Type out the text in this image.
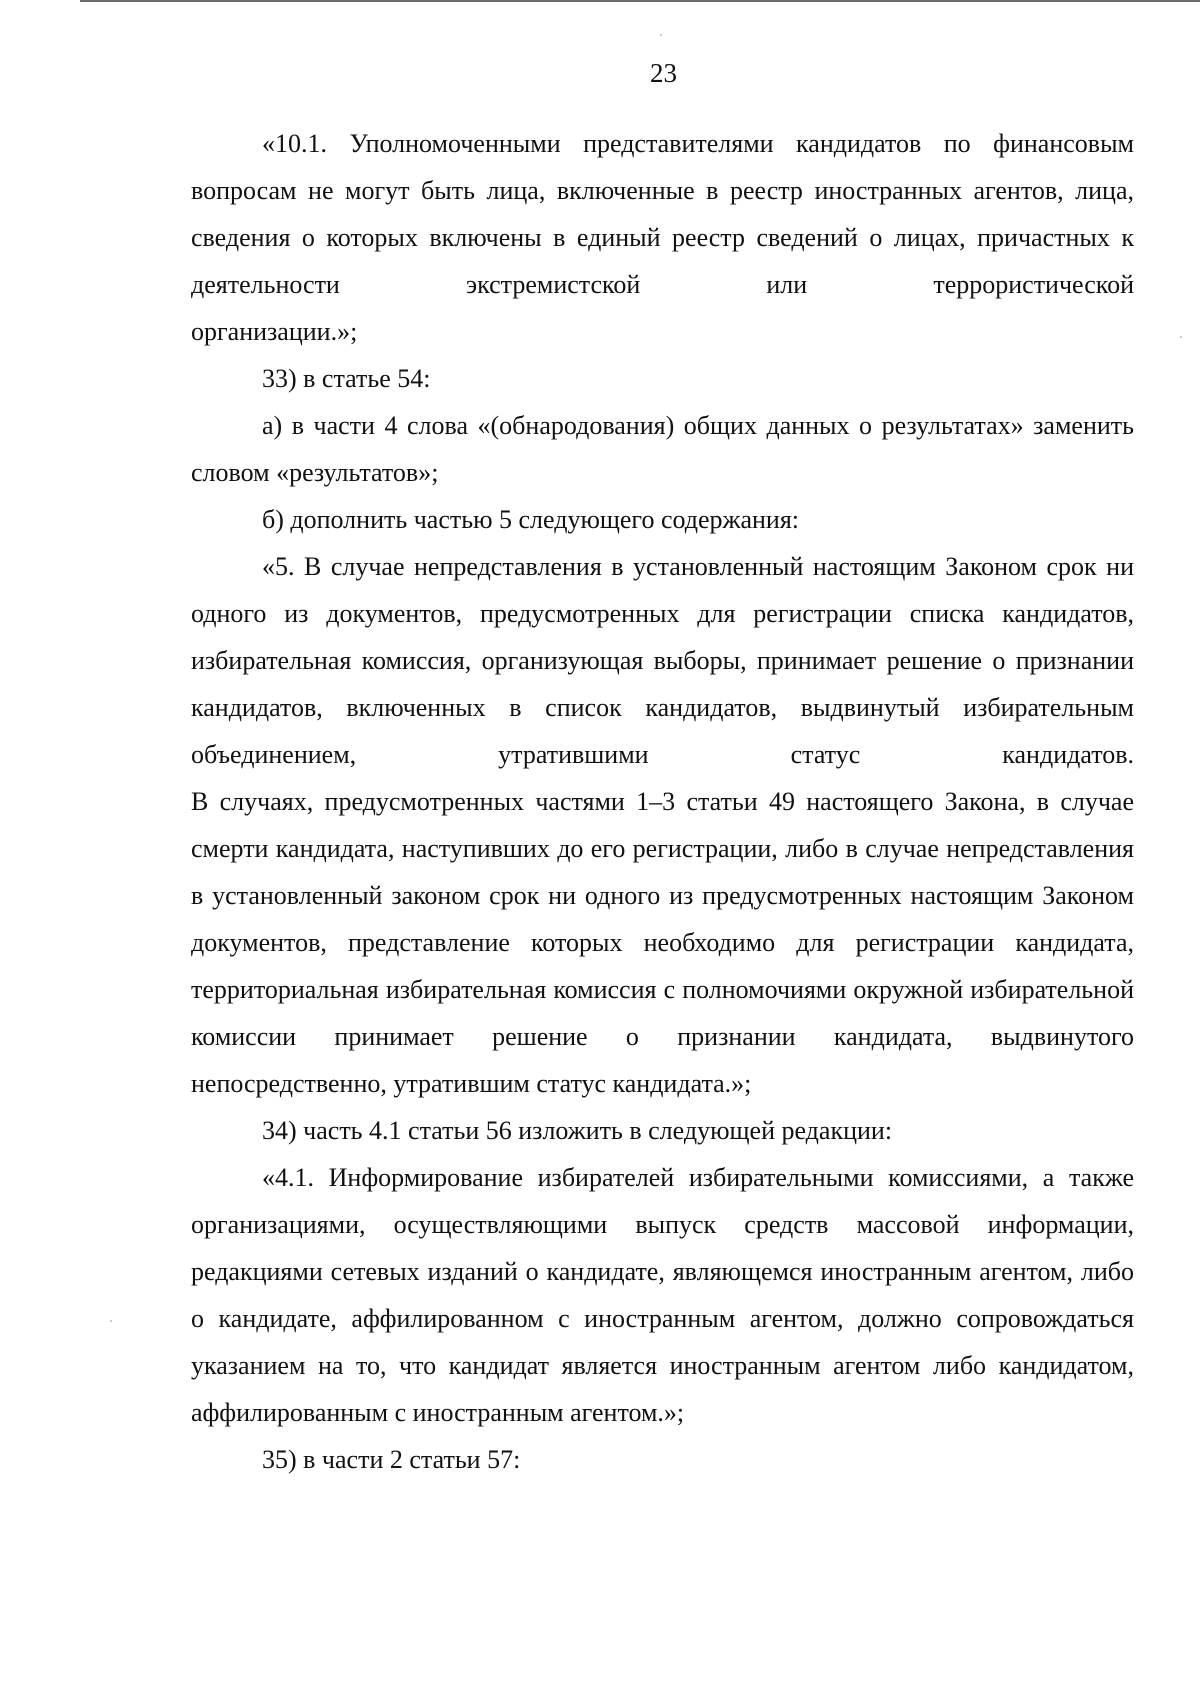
23

«10.1. Уполномоченными представителями кандидатов по финансовым вопросам не могут быть лица, включенные в реестр иностранных агентов, лица, сведения о которых включены в единый реестр сведений о лицах, причастных к деятельности экстремистской или террористической

организации.»;

33) в статье 54:

а) в части 4 слова «(обнародования) общих данных о результатах» заменить словом «результатов»;

б) дополнить частью 5 следующего содержания:

«5. В случае непредставления в установленный настоящим Законом срок ни одного из документов, предусмотренных для регистрации списка кандидатов, избирательная комиссия, организующая выборы, принимает решение о признании кандидатов, включенных в список кандидатов, выдвинутый избирательным объединением, утратившими статус кандидатов.

В случаях, предусмотренных частями 1–3 статьи 49 настоящего Закона, в случае смерти кандидата, наступивших до его регистрации, либо в случае непредставления в установленный законом срок ни одного из предусмотренных настоящим Законом документов, представление которых необходимо для регистрации кандидата, территориальная избирательная комиссия с полномочиями окружной избирательной комиссии принимает решение о признании кандидата, выдвинутого непосредственно, утратившим статус кандидата.»;

34) часть 4.1 статьи 56 изложить в следующей редакции:

«4.1. Информирование избирателей избирательными комиссиями, а также организациями, осуществляющими выпуск средств массовой информации, редакциями сетевых изданий о кандидате, являющемся иностранным агентом, либо о кандидате, аффилированном с иностранным агентом, должно сопровождаться указанием на то, что кандидат является иностранным агентом либо кандидатом, аффилированным с иностранным агентом.»;

35) в части 2 статьи 57:
